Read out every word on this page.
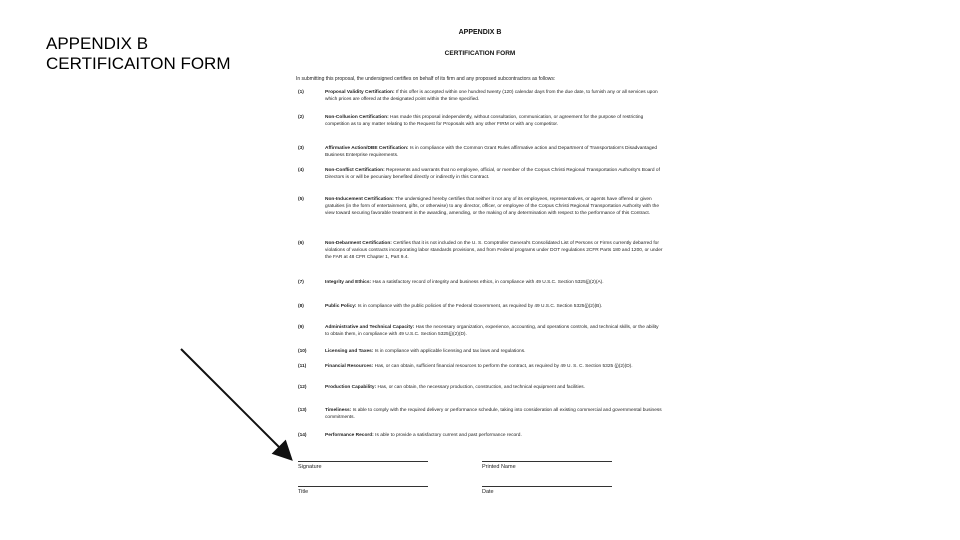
APPENDIX B
CERTIFICAITON FORM
APPENDIX B
CERTIFICATION FORM
In submitting this proposal, the undersigned certifies on behalf of its firm and any proposed subcontractors as follows:
(1)	Proposal Validity Certification: If this offer is accepted within one hundred twenty (120) calendar days from the due date, to furnish any or all services upon which prices are offered at the designated point within the time specified.
(2)	Non-Collusion Certification: Has made this proposal independently, without consultation, communication, or agreement for the purpose of restricting competition as to any matter relating to the Request for Proposals with any other FIRM or with any competitor.
(3)	Affirmative Action/DBE Certification: Is in compliance with the Common Grant Rules affirmative action and Department of Transportation's Disadvantaged Business Enterprise requirements.
(4)	Non-Conflict Certification: Represents and warrants that no employee, official, or member of the Corpus Christi Regional Transportation Authority's Board of Directors is or will be pecuniary benefited directly or indirectly in this Contract.
(5)	Non-Inducement Certification: The undersigned hereby certifies that neither it nor any of its employees, representatives, or agents have offered or given gratuities (in the form of entertainment, gifts, or otherwise) to any director, officer, or employee of the Corpus Christi Regional Transportation Authority with the view toward securing favorable treatment in the awarding, amending, or the making of any determination with respect to the performance of this Contract.
(6)	Non-Debarment Certification: Certifies that it is not included on the U. S. Comptroller General's Consolidated List of Persons or Firms currently debarred for violations of various contracts incorporating labor standards provisions, and from Federal programs under DOT regulations 2CFR Parts 180 and 1200, or under the FAR at 48 CFR Chapter 1, Part 9.4.
(7)	Integrity and Ethics: Has a satisfactory record of integrity and business ethics, in compliance with 49 U.S.C. Section 5325(j)(2)(A).
(8)	Public Policy: Is in compliance with the public policies of the Federal Government, as required by 49 U.S.C. Section 5325(j)(2)(B).
(9)	Administrative and Technical Capacity: Has the necessary organization, experience, accounting, and operations controls, and technical skills, or the ability to obtain them, in compliance with 49 U.S.C. Section 5325(j)(2)(D).
(10)	Licensing and Taxes: Is in compliance with applicable licensing and tax laws and regulations.
(11)	Financial Resources: Has, or can obtain, sufficient financial resources to perform the contract, as required by 49 U. S. C. Section 5325 (j)(2)(D).
(12)	Production Capability: Has, or can obtain, the necessary production, construction, and technical equipment and facilities.
(13)	Timeliness: Is able to comply with the required delivery or performance schedule, taking into consideration all existing commercial and governmental business commitments.
(14)	Performance Record: Is able to provide a satisfactory current and past performance record.
Signature	Printed Name
Title	Date
